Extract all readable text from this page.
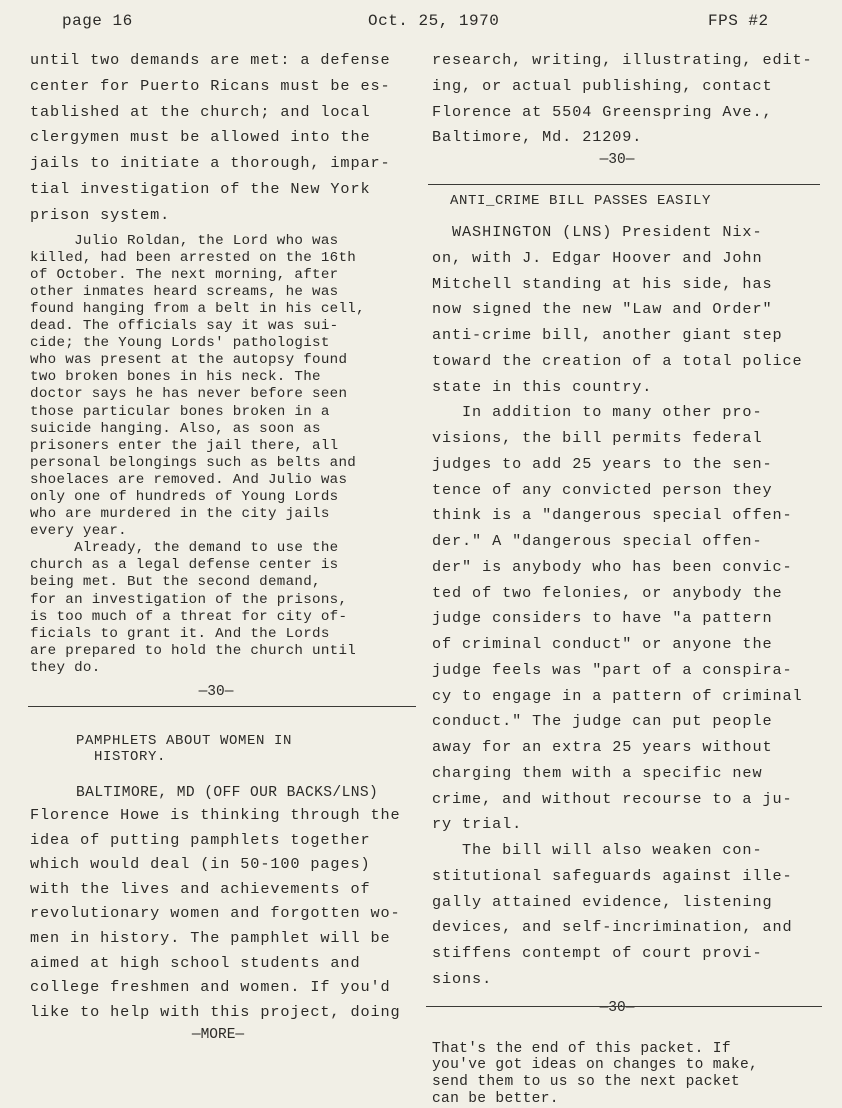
page 16	Oct. 25, 1970	FPS #2
until two demands are met: a defense
center for Puerto Ricans must be es-
tablished at the church; and local
clergymen must be allowed into the
jails to initiate a thorough, impar-
tial investigation of the New York
prison system.
Julio Roldan, the Lord who was
killed, had been arrested on the 16th
of October. The next morning, after
other inmates heard screams, he was
found hanging from a belt in his cell,
dead. The officials say it was sui-
cide; the Young Lords' pathologist
who was present at the autopsy found
two broken bones in his neck. The
doctor says he has never before seen
those particular bones broken in a
suicide hanging. Also, as soon as
prisoners enter the jail there, all
personal belongings such as belts and
shoelaces are removed. And Julio was
only one of hundreds of Young Lords
who are murdered in the city jails
every year.
Already, the demand to use the
church as a legal defense center is
being met. But the second demand,
for an investigation of the prisons,
is too much of a threat for city of-
ficials to grant it. And the Lords
are prepared to hold the church until
they do.
—30—
PAMPHLETS ABOUT WOMEN IN
HISTORY.
BALTIMORE, MD (OFF OUR BACKS/LNS)
Florence Howe is thinking through the
idea of putting pamphlets together
which would deal (in 50-100 pages)
with the lives and achievements of
revolutionary women and forgotten wo-
men in history. The pamphlet will be
aimed at high school students and
college freshmen and women. If you'd
like to help with this project, doing
—MORE—
research, writing, illustrating, edit-
ing, or actual publishing, contact
Florence at 5504 Greenspring Ave.,
Baltimore, Md. 21209.
—30—
ANTI_CRIME BILL PASSES EASILY
WASHINGTON (LNS) President Nix-
on, with J. Edgar Hoover and John
Mitchell standing at his side, has
now signed the new "Law and Order"
anti-crime bill, another giant step
toward the creation of a total police
state in this country.
In addition to many other pro-
visions, the bill permits federal
judges to add 25 years to the sen-
tence of any convicted person they
think is a "dangerous special offen-
der." A "dangerous special offen-
der" is anybody who has been convic-
ted of two felonies, or anybody the
judge considers to have "a pattern
of criminal conduct" or anyone the
judge feels was "part of a conspira-
cy to engage in a pattern of criminal
conduct." The judge can put people
away for an extra 25 years without
charging them with a specific new
crime, and without recourse to a ju-
ry trial.
The bill will also weaken con-
stitutional safeguards against ille-
gally attained evidence, listening
devices, and self-incrimination, and
stiffens contempt of court provi-
sions.
—30—
That's the end of this packet. If
you've got ideas on changes to make,
send them to us so the next packet
can be better.
